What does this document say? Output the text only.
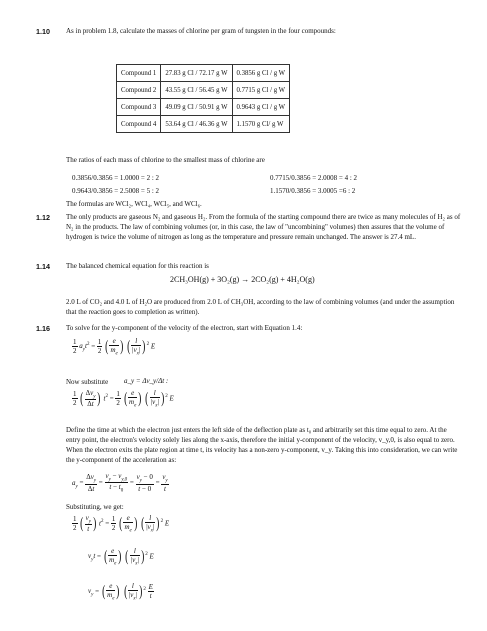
1.10 As in problem 1.8, calculate the masses of chlorine per gram of tungsten in the four compounds:
Compound 1	27.83 g Cl / 72.17 g W	0.3856 g Cl / g W
Compound 2	43.55 g Cl / 56.45 g W	0.7715 g Cl / g W
Compound 3	49.09 g Cl / 50.91 g W	0.9643 g Cl / g W
Compound 4	53.64 g Cl / 46.36 g W	1.1570 g Cl/ g W
The ratios of each mass of chlorine to the smallest mass of chlorine are
0.3856/0.3856 = 1.0000 = 2 : 2	0.7715/0.3856 = 2.0008 = 4 : 2
0.9643/0.3856 = 2.5008 = 5 : 2	1.1570/0.3856 = 3.0005 =6 : 2
The formulas are WCl₂, WCl₄, WCl₅, and WCl₆.
1.12 The only products are gaseous N₂ and gaseous H₂. From the formula of the starting compound there are twice as many molecules of H₂ as of N₂ in the products. The law of combining volumes (or, in this case, the law of "uncombining" volumes) then assures that the volume of hydrogen is twice the volume of nitrogen as long as the temperature and pressure remain unchanged. The answer is 27.4 mL.
1.14 The balanced chemical equation for this reaction is
2CH₃OH(g) + 3O₂(g) → 2CO₂(g) + 4H₂O(g)
2.0 L of CO₂ and 4.0 L of H₂O are produced from 2.0 L of CH₃OH, according to the law of combining volumes (and under the assumption that the reaction goes to completion as written).
1.16 To solve for the y-component of the velocity of the electron, start with Equation 1.4:
$\frac{1}{2} a_yt^2 = \frac{1}{2}$ ( $\frac{e}{m_e}$ ) ( $\frac{l}{|v_x|} )^2$ E
Now substitute a_y = Δv_y/Δt :
$\frac{1}{2}$ ( $\frac{\Delta v_y}{\Delta t}$ ) $t^2 = \frac{1}{2}$ ( $\frac{e}{m_e}$ ) ( $\frac{l}{|v_x|} )^2$ E
Define the time at which the electron just enters the left side of the deflection plate as t₀ and arbitrarily set this time equal to zero. At the entry point, the electron's velocity solely lies along the x-axis, therefore the initial y-component of the velocity, v_y,0, is also equal to zero. When the electron exits the plate region at time t, its velocity has a non-zero y-component, v_y. Taking this into consideration, we can write the y-component of the acceleration as:
$a_y = \frac{\Delta v_y}{\Delta t} = \frac{v_y - v_{y,0}}{t - t_0} = \frac{v_y - 0}{t - 0} = \frac{v_y}{t}$
Substituting, we get:
$\frac{1}{2}$ ( $\frac{v_y}{t}$ ) $t^2 = \frac{1}{2}$ ( $\frac{e}{m_e}$ ) ( $\frac{l}{|v_x|} )^2$ E
$v_yt$ = ( $\frac{e}{m_e}$ ) ( $\frac{l}{|v_x|} )^2$ E
$v_y$ = ( $\frac{e}{m_e}$ ) ( $\frac{l}{|v_x|} )^2 \frac{E}{t}$
